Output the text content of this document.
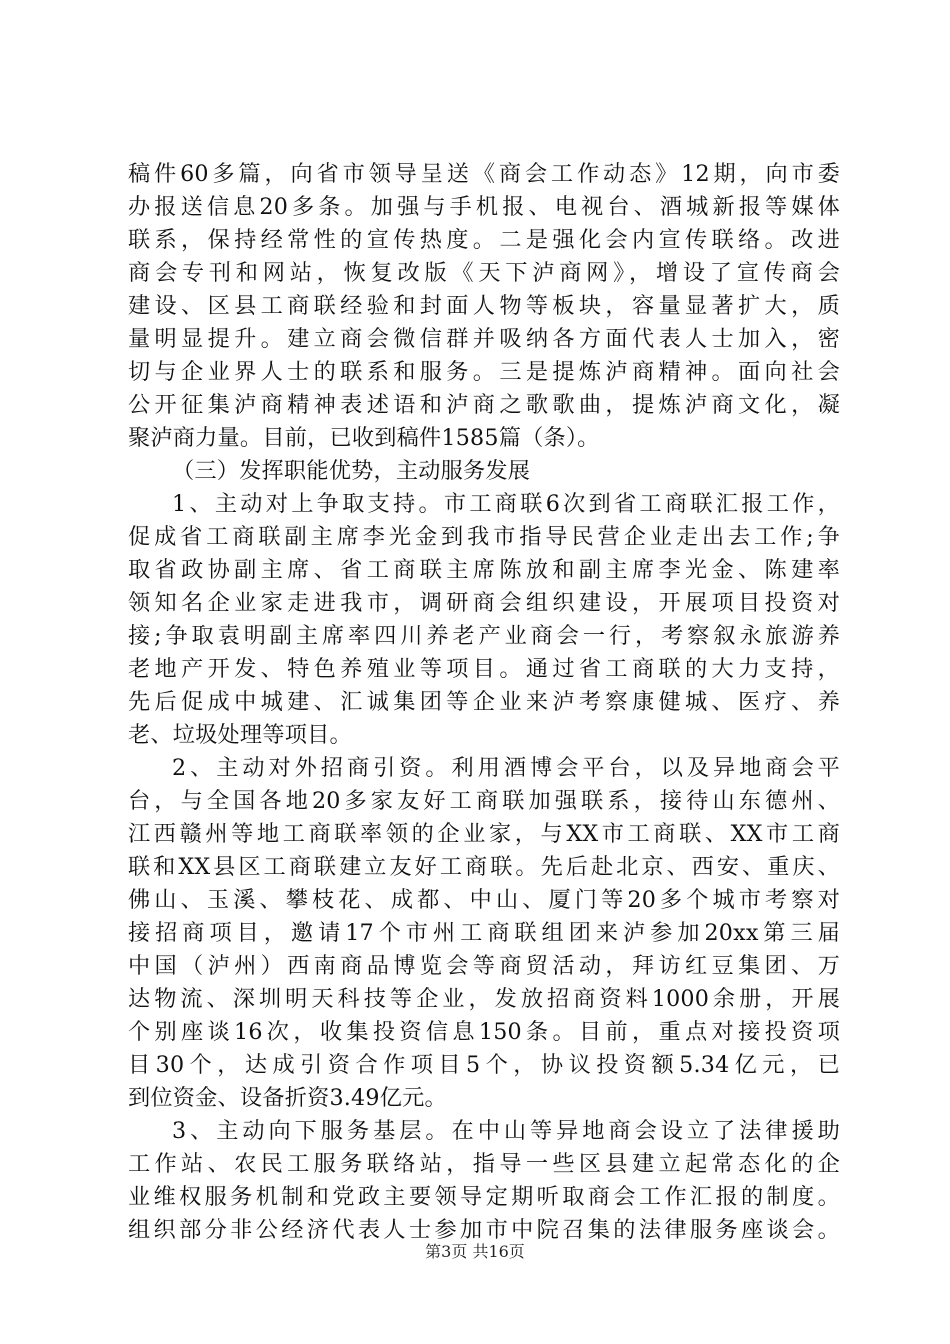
稿件60多篇，向省市领导呈送《商会工作动态》12期，向市委
办报送信息20多条。加强与手机报、电视台、酒城新报等媒体
联系，保持经常性的宣传热度。二是强化会内宣传联络。改进
商会专刊和网站，恢复改版《天下泸商网》，增设了宣传商会
建设、区县工商联经验和封面人物等板块，容量显著扩大，质
量明显提升。建立商会微信群并吸纳各方面代表人士加入，密
切与企业界人士的联系和服务。三是提炼泸商精神。面向社会
公开征集泸商精神表述语和泸商之歌歌曲，提炼泸商文化，凝
聚泸商力量。目前，已收到稿件1585篇（条）。
（三）发挥职能优势，主动服务发展
1、主动对上争取支持。市工商联6次到省工商联汇报工作，
促成省工商联副主席李光金到我市指导民营企业走出去工作;争
取省政协副主席、省工商联主席陈放和副主席李光金、陈建率
领知名企业家走进我市，调研商会组织建设，开展项目投资对
接;争取袁明副主席率四川养老产业商会一行，考察叙永旅游养
老地产开发、特色养殖业等项目。通过省工商联的大力支持，
先后促成中城建、汇诚集团等企业来泸考察康健城、医疗、养
老、垃圾处理等项目。
2、主动对外招商引资。利用酒博会平台，以及异地商会平
台，与全国各地20多家友好工商联加强联系，接待山东德州、
江西赣州等地工商联率领的企业家，与XX市工商联、XX市工商
联和XX县区工商联建立友好工商联。先后赴北京、西安、重庆、
佛山、玉溪、攀枝花、成都、中山、厦门等20多个城市考察对
接招商项目，邀请17个市州工商联组团来泸参加20xx第三届
中国（泸州）西南商品博览会等商贸活动，拜访红豆集团、万
达物流、深圳明天科技等企业，发放招商资料1000余册，开展
个别座谈16次，收集投资信息150条。目前，重点对接投资项
目30个，达成引资合作项目5个，协议投资额5.34亿元，已
到位资金、设备折资3.49亿元。
3、主动向下服务基层。在中山等异地商会设立了法律援助
工作站、农民工服务联络站，指导一些区县建立起常态化的企
业维权服务机制和党政主要领导定期听取商会工作汇报的制度。
组织部分非公经济代表人士参加市中院召集的法律服务座谈会。
第3页 共16页
